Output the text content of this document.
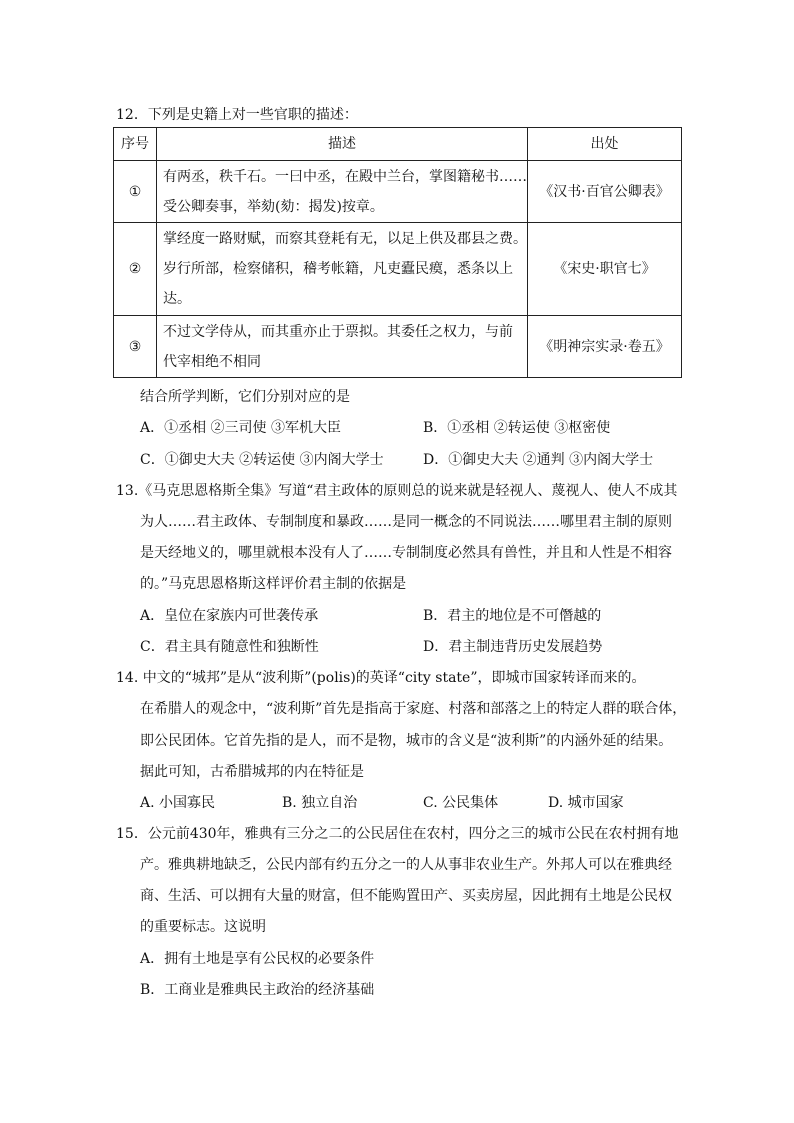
12．下列是史籍上对一些官职的描述：
序号	描述	出处
①	有两丞，秩千石。一曰中丞，在殿中兰台，掌图籍秘书……
受公卿奏事，举劾(劾：揭发)按章。	《汉书·百官公卿表》
②	掌经度一路财赋，而察其登耗有无，以足上供及郡县之费。
岁行所部，检察储积，稽考帐籍，凡吏蠹民瘼，悉条以上
达。	《宋史·职官七》
③	不过文学侍从，而其重亦止于票拟。其委任之权力，与前
代宰相绝不相同	《明神宗实录·卷五》
结合所学判断，它们分别对应的是
A．①丞相 ②三司使 ③军机大臣	B．①丞相 ②转运使 ③枢密使
C．①御史大夫 ②转运使 ③内阁大学士	D．①御史大夫 ②通判 ③内阁大学士
13.《马克思恩格斯全集》写道“君主政体的原则总的说来就是轻视人、蔑视人、使人不成其
为人……君主政体、专制制度和暴政……是同一概念的不同说法……哪里君主制的原则
是天经地义的，哪里就根本没有人了……专制制度必然具有兽性，并且和人性是不相容
的。”马克思恩格斯这样评价君主制的依据是
A．皇位在家族内可世袭传承	B．君主的地位是不可僭越的
C．君主具有随意性和独断性	D．君主制违背历史发展趋势
14. 中文的“城邦”是从“波利斯”(polis)的英译“city state”，即城市国家转译而来的。
在希腊人的观念中，“波利斯”首先是指高于家庭、村落和部落之上的特定人群的联合体，
即公民团体。它首先指的是人，而不是物，城市的含义是“波利斯”的内涵外延的结果。
据此可知，古希腊城邦的内在特征是
A. 小国寡民	B. 独立自治	C. 公民集体	D. 城市国家
15．公元前430年，雅典有三分之二的公民居住在农村，四分之三的城市公民在农村拥有地
产。雅典耕地缺乏，公民内部有约五分之一的人从事非农业生产。外邦人可以在雅典经
商、生活、可以拥有大量的财富，但不能购置田产、买卖房屋，因此拥有土地是公民权
的重要标志。这说明
A．拥有土地是享有公民权的必要条件
B．工商业是雅典民主政治的经济基础
